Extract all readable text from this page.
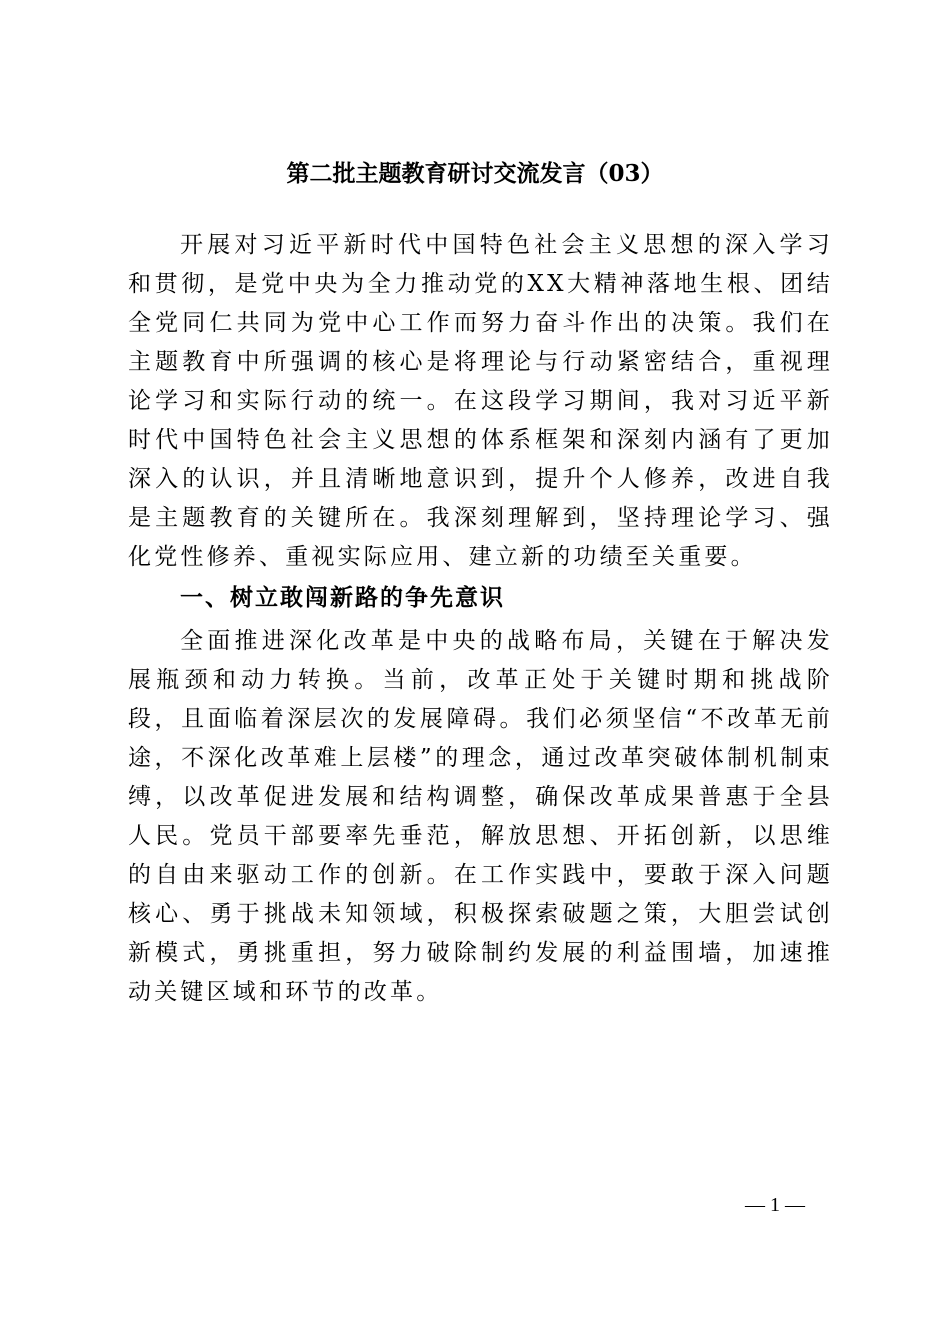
第二批主题教育研讨交流发言（03）

开展对习近平新时代中国特色社会主义思想的深入学习和贯彻，是党中央为全力推动党的XX大精神落地生根、团结全党同仁共同为党中心工作而努力奋斗作出的决策。我们在主题教育中所强调的核心是将理论与行动紧密结合，重视理论学习和实际行动的统一。在这段学习期间，我对习近平新时代中国特色社会主义思想的体系框架和深刻内涵有了更加深入的认识，并且清晰地意识到，提升个人修养，改进自我是主题教育的关键所在。我深刻理解到，坚持理论学习、强化党性修养、重视实际应用、建立新的功绩至关重要。

一、树立敢闯新路的争先意识

全面推进深化改革是中央的战略布局，关键在于解决发展瓶颈和动力转换。当前，改革正处于关键时期和挑战阶段，且面临着深层次的发展障碍。我们必须坚信“不改革无前途，不深化改革难上层楼”的理念，通过改革突破体制机制束缚，以改革促进发展和结构调整，确保改革成果普惠于全县人民。党员干部要率先垂范，解放思想、开拓创新，以思维的自由来驱动工作的创新。在工作实践中，要敢于深入问题核心、勇于挑战未知领域，积极探索破题之策，大胆尝试创新模式，勇挑重担，努力破除制约发展的利益围墙，加速推动关键区域和环节的改革。

— 1 —
